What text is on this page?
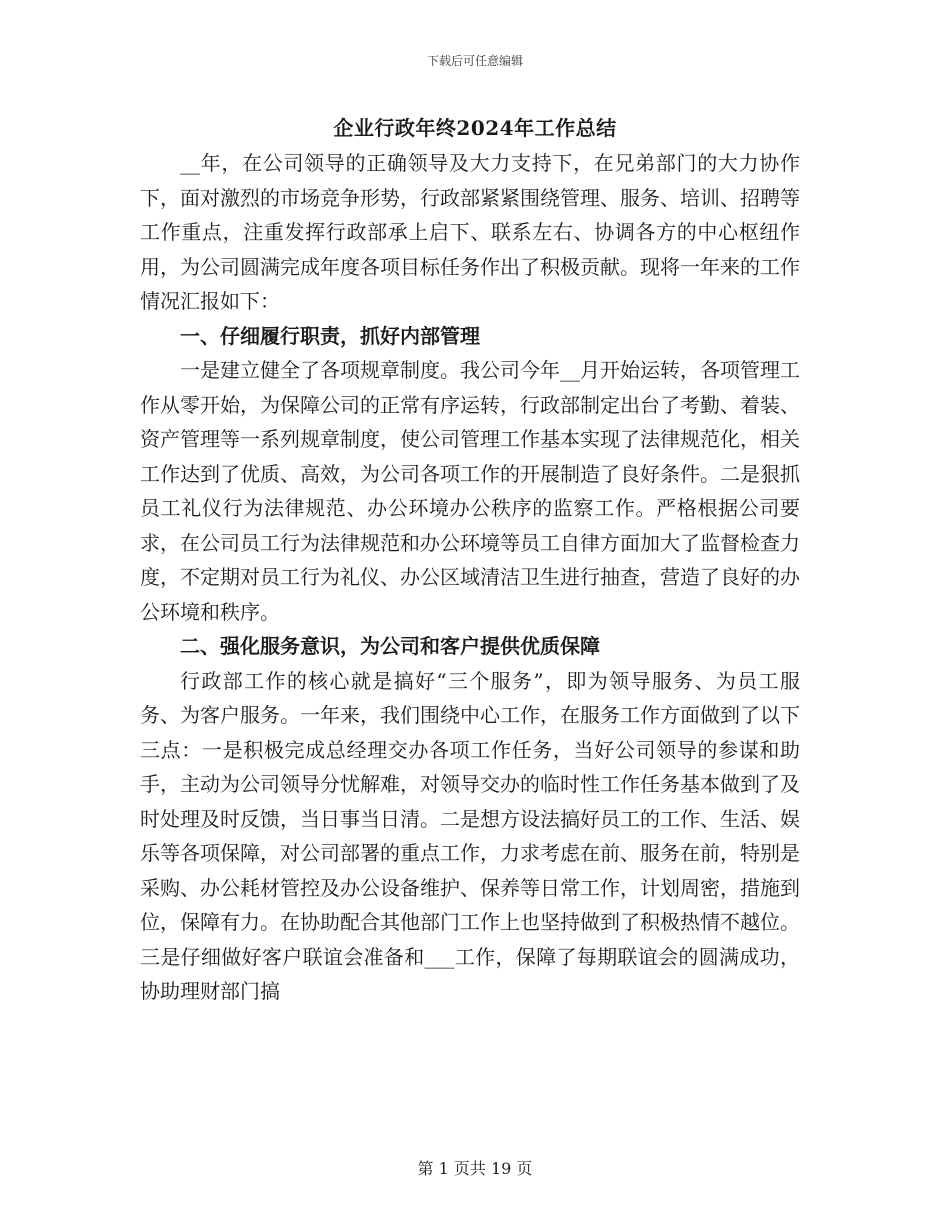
下载后可任意编辑
企业行政年终2024年工作总结

__年，在公司领导的正确领导及大力支持下，在兄弟部门的大力协作下，面对激烈的市场竞争形势，行政部紧紧围绕管理、服务、培训、招聘等工作重点，注重发挥行政部承上启下、联系左右、协调各方的中心枢纽作用，为公司圆满完成年度各项目标任务作出了积极贡献。现将一年来的工作情况汇报如下：

一、仔细履行职责，抓好内部管理

一是建立健全了各项规章制度。我公司今年__月开始运转，各项管理工作从零开始，为保障公司的正常有序运转，行政部制定出台了考勤、着装、资产管理等一系列规章制度，使公司管理工作基本实现了法律规范化，相关工作达到了优质、高效，为公司各项工作的开展制造了良好条件。二是狠抓员工礼仪行为法律规范、办公环境办公秩序的监察工作。严格根据公司要求，在公司员工行为法律规范和办公环境等员工自律方面加大了监督检查力度，不定期对员工行为礼仪、办公区域清洁卫生进行抽查，营造了良好的办公环境和秩序。

二、强化服务意识，为公司和客户提供优质保障

行政部工作的核心就是搞好“三个服务”，即为领导服务、为员工服务、为客户服务。一年来，我们围绕中心工作，在服务工作方面做到了以下三点：一是积极完成总经理交办各项工作任务，当好公司领导的参谋和助手，主动为公司领导分忧解难，对领导交办的临时性工作任务基本做到了及时处理及时反馈，当日事当日清。二是想方设法搞好员工的工作、生活、娱乐等各项保障，对公司部署的重点工作，力求考虑在前、服务在前，特别是采购、办公耗材管控及办公设备维护、保养等日常工作，计划周密，措施到位，保障有力。在协助配合其他部门工作上也坚持做到了积极热情不越位。三是仔细做好客户联谊会准备和___工作，保障了每期联谊会的圆满成功，协助理财部门搞

第 1 页共 19 页
